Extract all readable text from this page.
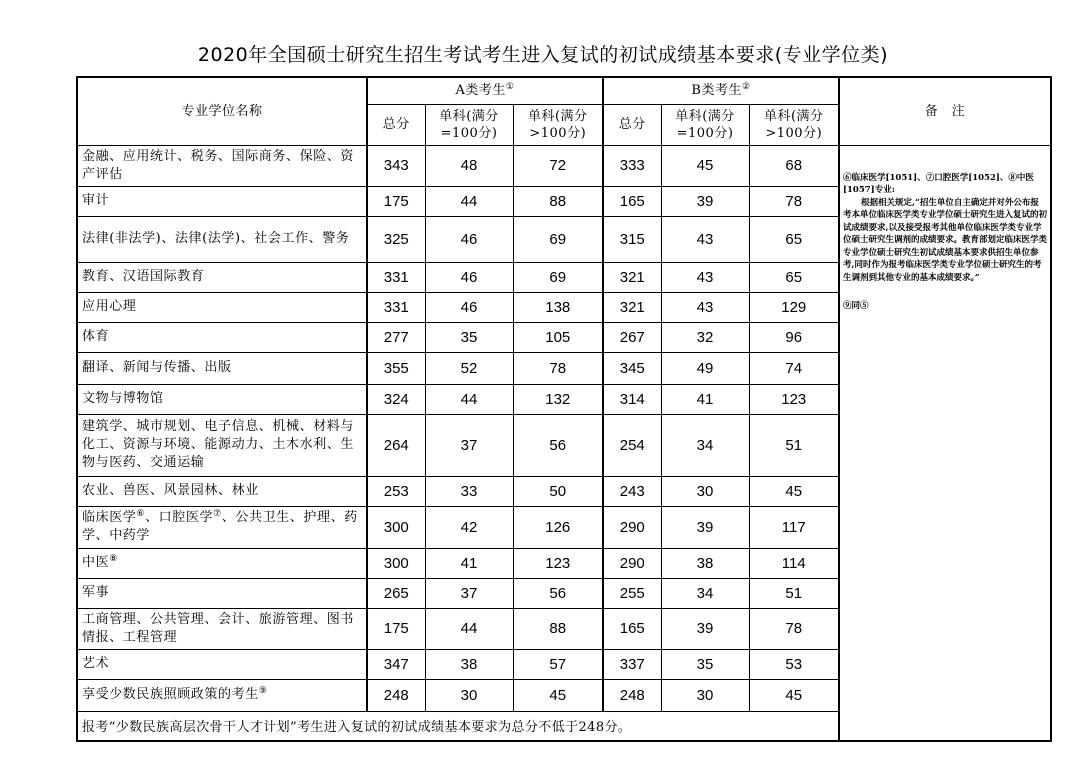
2020年全国硕士研究生招生考试考生进入复试的初试成绩基本要求(专业学位类)
专业学位名称	A类考生①			B类考生②			备　注
	总分	单科(满分=100分)	单科(满分>100分)	总分	单科(满分=100分)	单科(满分>100分)	
金融、应用统计、税务、国际商务、保险、资产评估	343	48	72	333	45	68	⑥临床医学[1051]、⑦口腔医学[1052]、⑧中医[1057]专业:

根据相关规定,“招生单位自主确定并对外公布报考本单位临床医学类专业学位硕士研究生进入复试的初试成绩要求,以及接受报考其他单位临床医学类专业学位硕士研究生调剂的成绩要求。教育部划定临床医学类专业学位硕士研究生初试成绩基本要求供招生单位参考,同时作为报考临床医学类专业学位硕士研究生的考生调剂到其他专业的基本成绩要求。”

⑨同⑤

审计	175	44	88	165	39	78	
法律(非法学)、法律(法学)、社会工作、警务	325	46	69	315	43	65	
教育、汉语国际教育	331	46	69	321	43	65	
应用心理	331	46	138	321	43	129	
体育	277	35	105	267	32	96	
翻译、新闻与传播、出版	355	52	78	345	49	74	
文物与博物馆	324	44	132	314	41	123	
建筑学、城市规划、电子信息、机械、材料与化工、资源与环境、能源动力、土木水利、生物与医药、交通运输	264	37	56	254	34	51	
农业、兽医、风景园林、林业	253	33	50	243	30	45	
临床医学⑥、口腔医学⑦、公共卫生、护理、药学、中药学	300	42	126	290	39	117	
中医⑧	300	41	123	290	38	114	
军事	265	37	56	255	34	51	
工商管理、公共管理、会计、旅游管理、图书情报、工程管理	175	44	88	165	39	78	
艺术	347	38	57	337	35	53	
享受少数民族照顾政策的考生⑨	248	30	45	248	30	45	
报考“少数民族高层次骨干人才计划”考生进入复试的初试成绩基本要求为总分不低于248分。							
